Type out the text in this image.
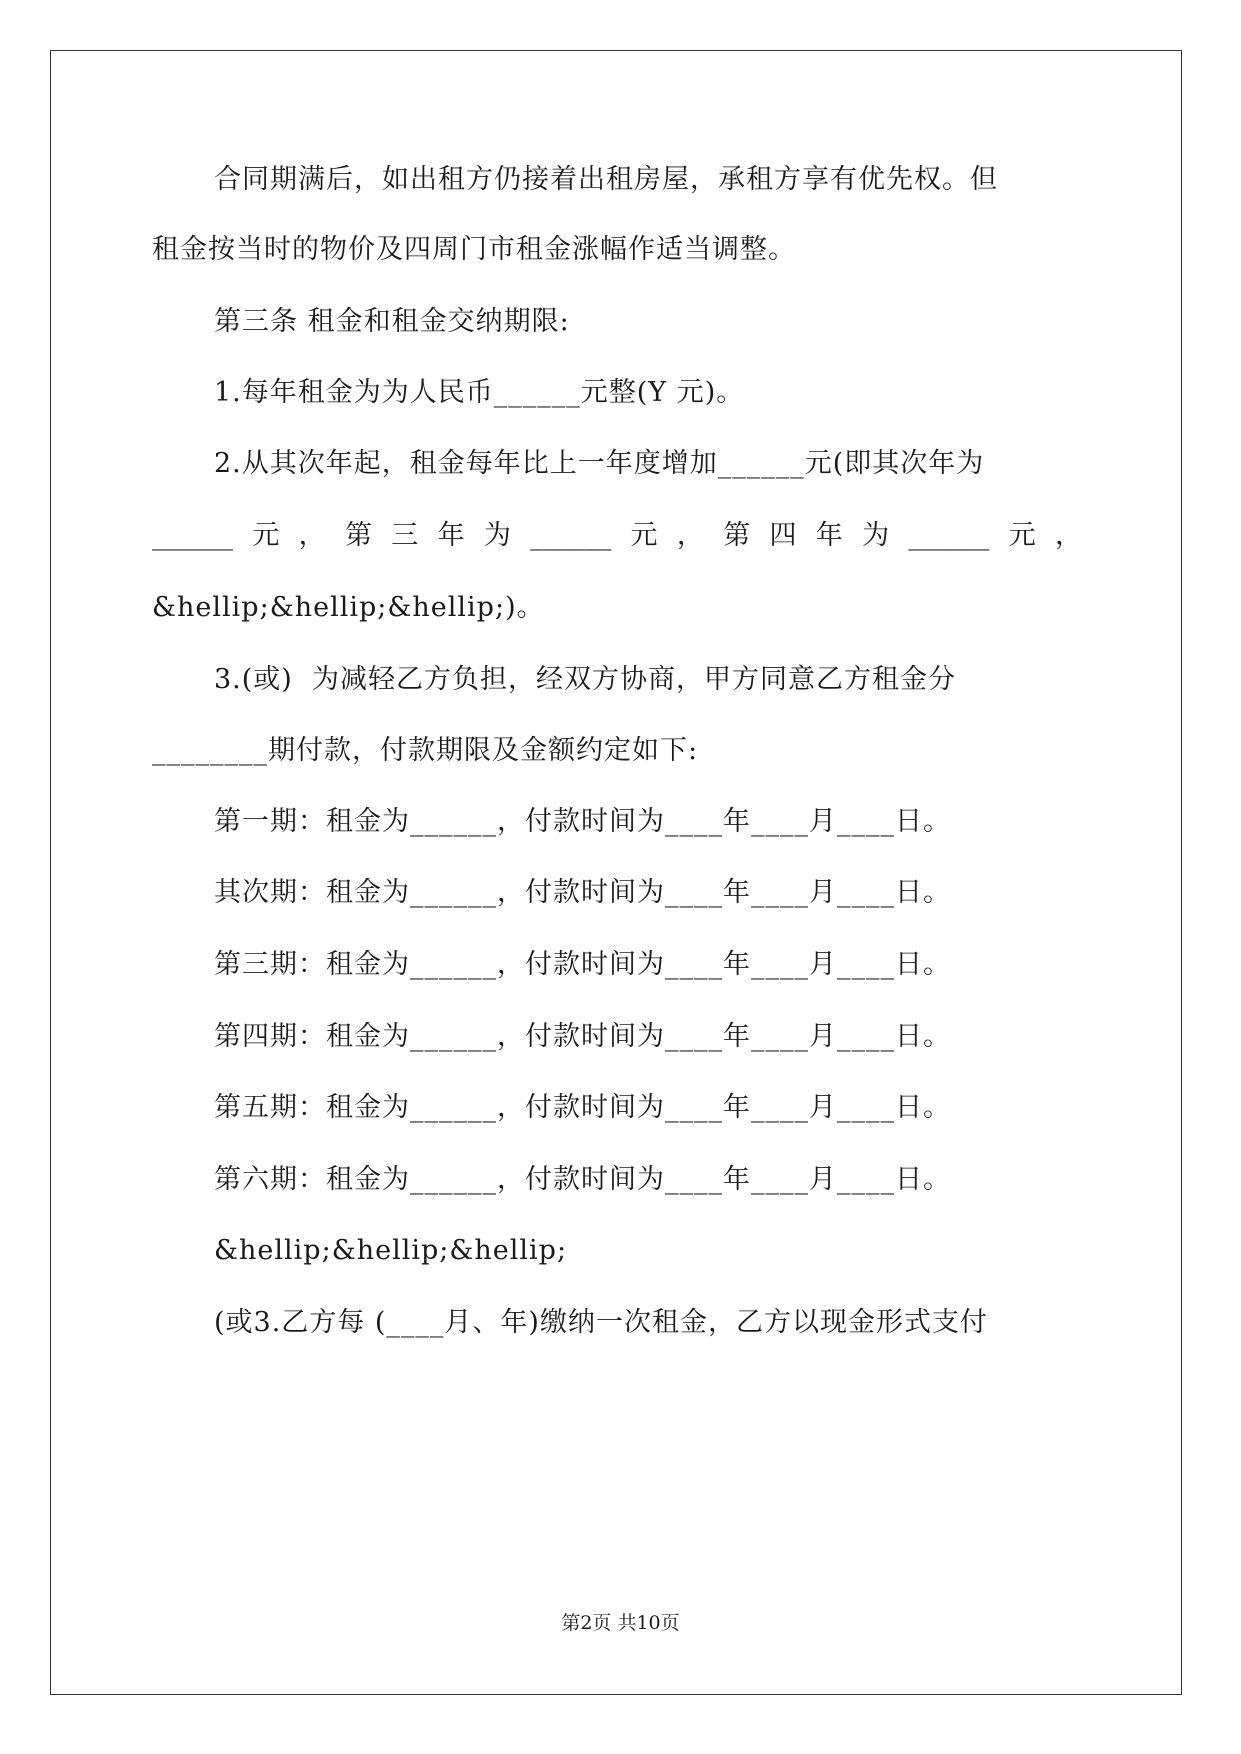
合同期满后，如出租方仍接着出租房屋，承租方享有优先权。但
租金按当时的物价及四周门市租金涨幅作适当调整。
第三条 租金和租金交纳期限:
1.每年租金为为人民币______元整(Y 元)。
2.从其次年起，租金每年比上一年度增加______元(即其次年为
______ 元 ， 第 三 年 为 ______ 元 ， 第 四 年 为 ______ 元 ，
&hellip;&hellip;&hellip;)。
3.(或)  为减轻乙方负担，经双方协商，甲方同意乙方租金分
________期付款，付款期限及金额约定如下:
第一期：租金为______，付款时间为____年____月____日。
其次期：租金为______，付款时间为____年____月____日。
第三期：租金为______，付款时间为____年____月____日。
第四期：租金为______，付款时间为____年____月____日。
第五期：租金为______，付款时间为____年____月____日。
第六期：租金为______，付款时间为____年____月____日。
&hellip;&hellip;&hellip;
(或3.乙方每 (____月、年)缴纳一次租金，乙方以现金形式支付
第2页 共10页
